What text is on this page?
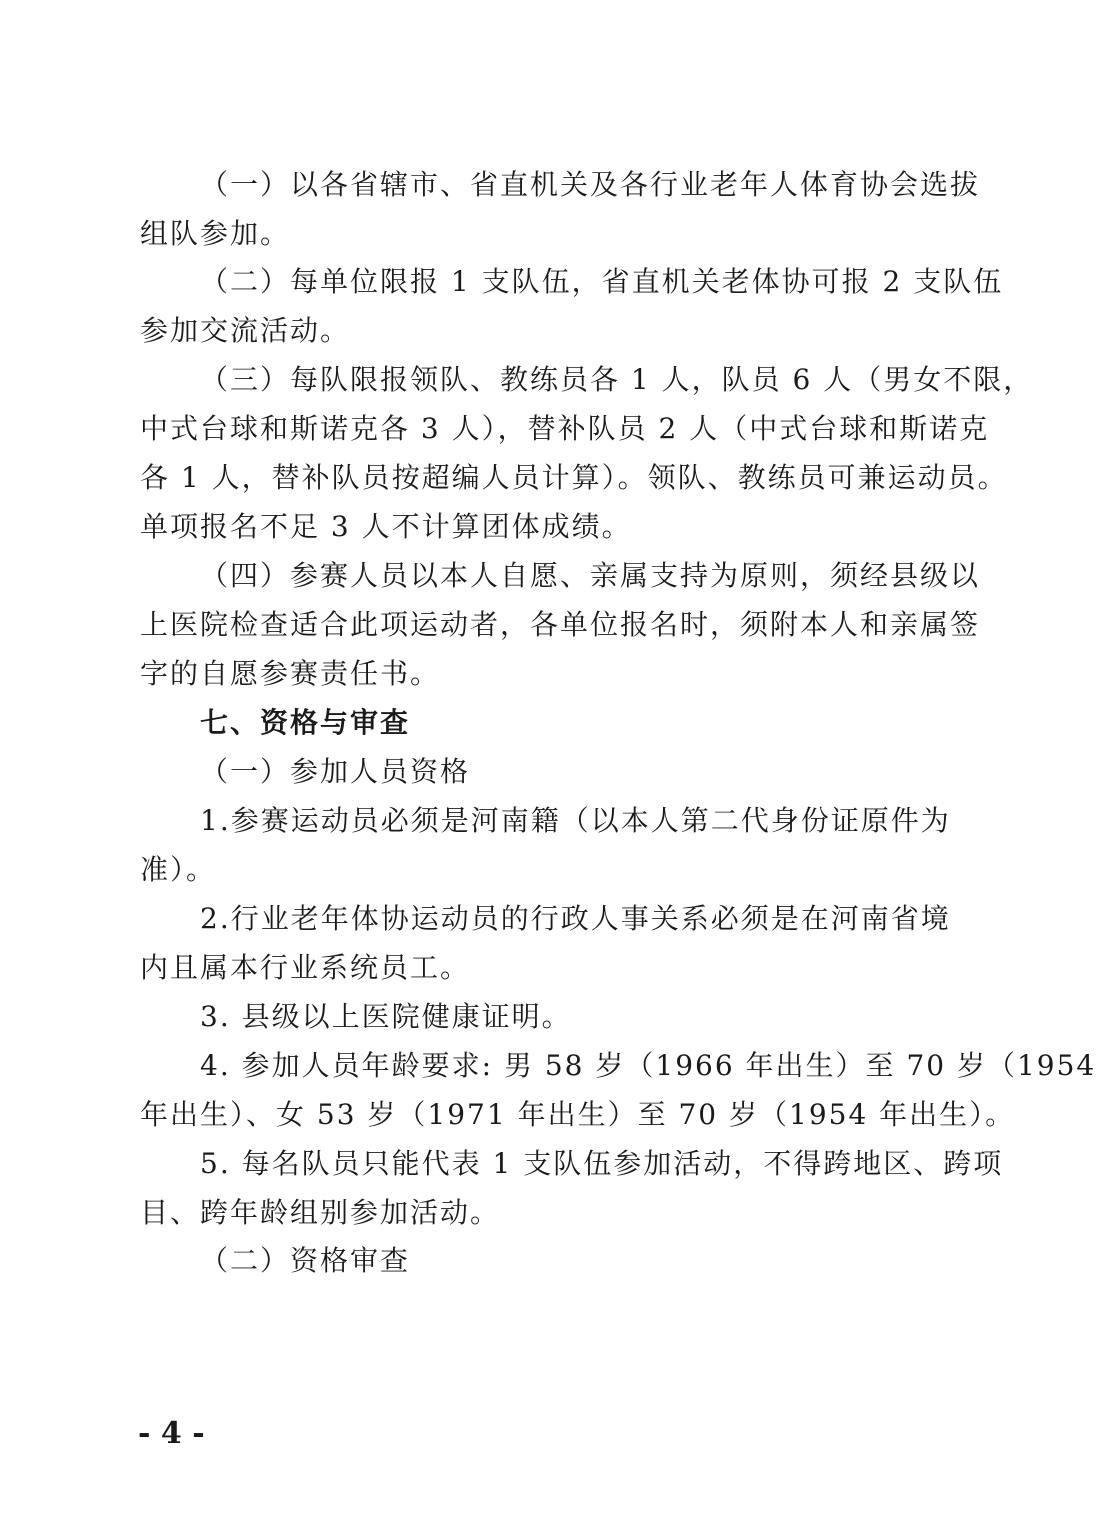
（一）以各省辖市、省直机关及各行业老年人体育协会选拔
组队参加。
（二）每单位限报 1 支队伍，省直机关老体协可报 2 支队伍
参加交流活动。
（三）每队限报领队、教练员各 1 人，队员 6 人（男女不限，
中式台球和斯诺克各 3 人），替补队员 2 人（中式台球和斯诺克
各 1 人，替补队员按超编人员计算）。领队、教练员可兼运动员。
单项报名不足 3 人不计算团体成绩。
（四）参赛人员以本人自愿、亲属支持为原则，须经县级以
上医院检查适合此项运动者，各单位报名时，须附本人和亲属签
字的自愿参赛责任书。
七、资格与审查
（一）参加人员资格
1.参赛运动员必须是河南籍（以本人第二代身份证原件为
准）。
2.行业老年体协运动员的行政人事关系必须是在河南省境
内且属本行业系统员工。
3. 县级以上医院健康证明。
4. 参加人员年龄要求: 男 58 岁（1966 年出生）至 70 岁（1954
年出生）、女 53 岁（1971 年出生）至 70 岁（1954 年出生）。
5. 每名队员只能代表 1 支队伍参加活动，不得跨地区、跨项
目、跨年龄组别参加活动。
（二）资格审查
- 4 -
